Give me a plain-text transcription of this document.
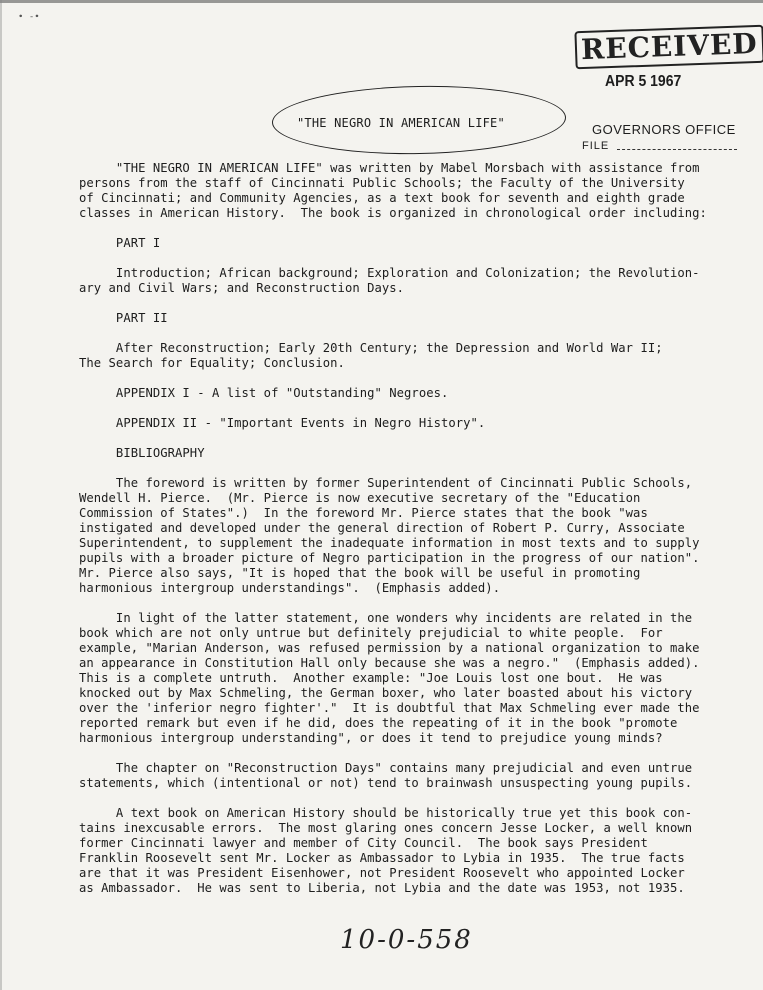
∙ ‐∙
RECEIVED
APR 5 1967
GOVERNORS OFFICE
FILE
"THE NEGRO IN AMERICAN LIFE"
"THE NEGRO IN AMERICAN LIFE" was written by Mabel Morsbach with assistance from
persons from the staff of Cincinnati Public Schools; the Faculty of the University
of Cincinnati; and Community Agencies, as a text book for seventh and eighth grade
classes in American History.  The book is organized in chronological order including:
PART I
Introduction; African background; Exploration and Colonization; the Revolution-
ary and Civil Wars; and Reconstruction Days.
PART II
After Reconstruction; Early 20th Century; the Depression and World War II;
The Search for Equality; Conclusion.
APPENDIX I - A list of "Outstanding" Negroes.
APPENDIX II - "Important Events in Negro History".
BIBLIOGRAPHY
The foreword is written by former Superintendent of Cincinnati Public Schools,
Wendell H. Pierce.  (Mr. Pierce is now executive secretary of the "Education
Commission of States".)  In the foreword Mr. Pierce states that the book "was
instigated and developed under the general direction of Robert P. Curry, Associate
Superintendent, to supplement the inadequate information in most texts and to supply
pupils with a broader picture of Negro participation in the progress of our nation".
Mr. Pierce also says, "It is hoped that the book will be useful in promoting
harmonious intergroup understandings".  (Emphasis added).
In light of the latter statement, one wonders why incidents are related in the
book which are not only untrue but definitely prejudicial to white people.  For
example, "Marian Anderson, was refused permission by a national organization to make
an appearance in Constitution Hall only because she was a negro."  (Emphasis added).
This is a complete untruth.  Another example: "Joe Louis lost one bout.  He was
knocked out by Max Schmeling, the German boxer, who later boasted about his victory
over the 'inferior negro fighter'."  It is doubtful that Max Schmeling ever made the
reported remark but even if he did, does the repeating of it in the book "promote
harmonious intergroup understanding", or does it tend to prejudice young minds?
The chapter on "Reconstruction Days" contains many prejudicial and even untrue
statements, which (intentional or not) tend to brainwash unsuspecting young pupils.
A text book on American History should be historically true yet this book con-
tains inexcusable errors.  The most glaring ones concern Jesse Locker, a well known
former Cincinnati lawyer and member of City Council.  The book says President
Franklin Roosevelt sent Mr. Locker as Ambassador to Lybia in 1935.  The true facts
are that it was President Eisenhower, not President Roosevelt who appointed Locker
as Ambassador.  He was sent to Liberia, not Lybia and the date was 1953, not 1935.
10-0-558
